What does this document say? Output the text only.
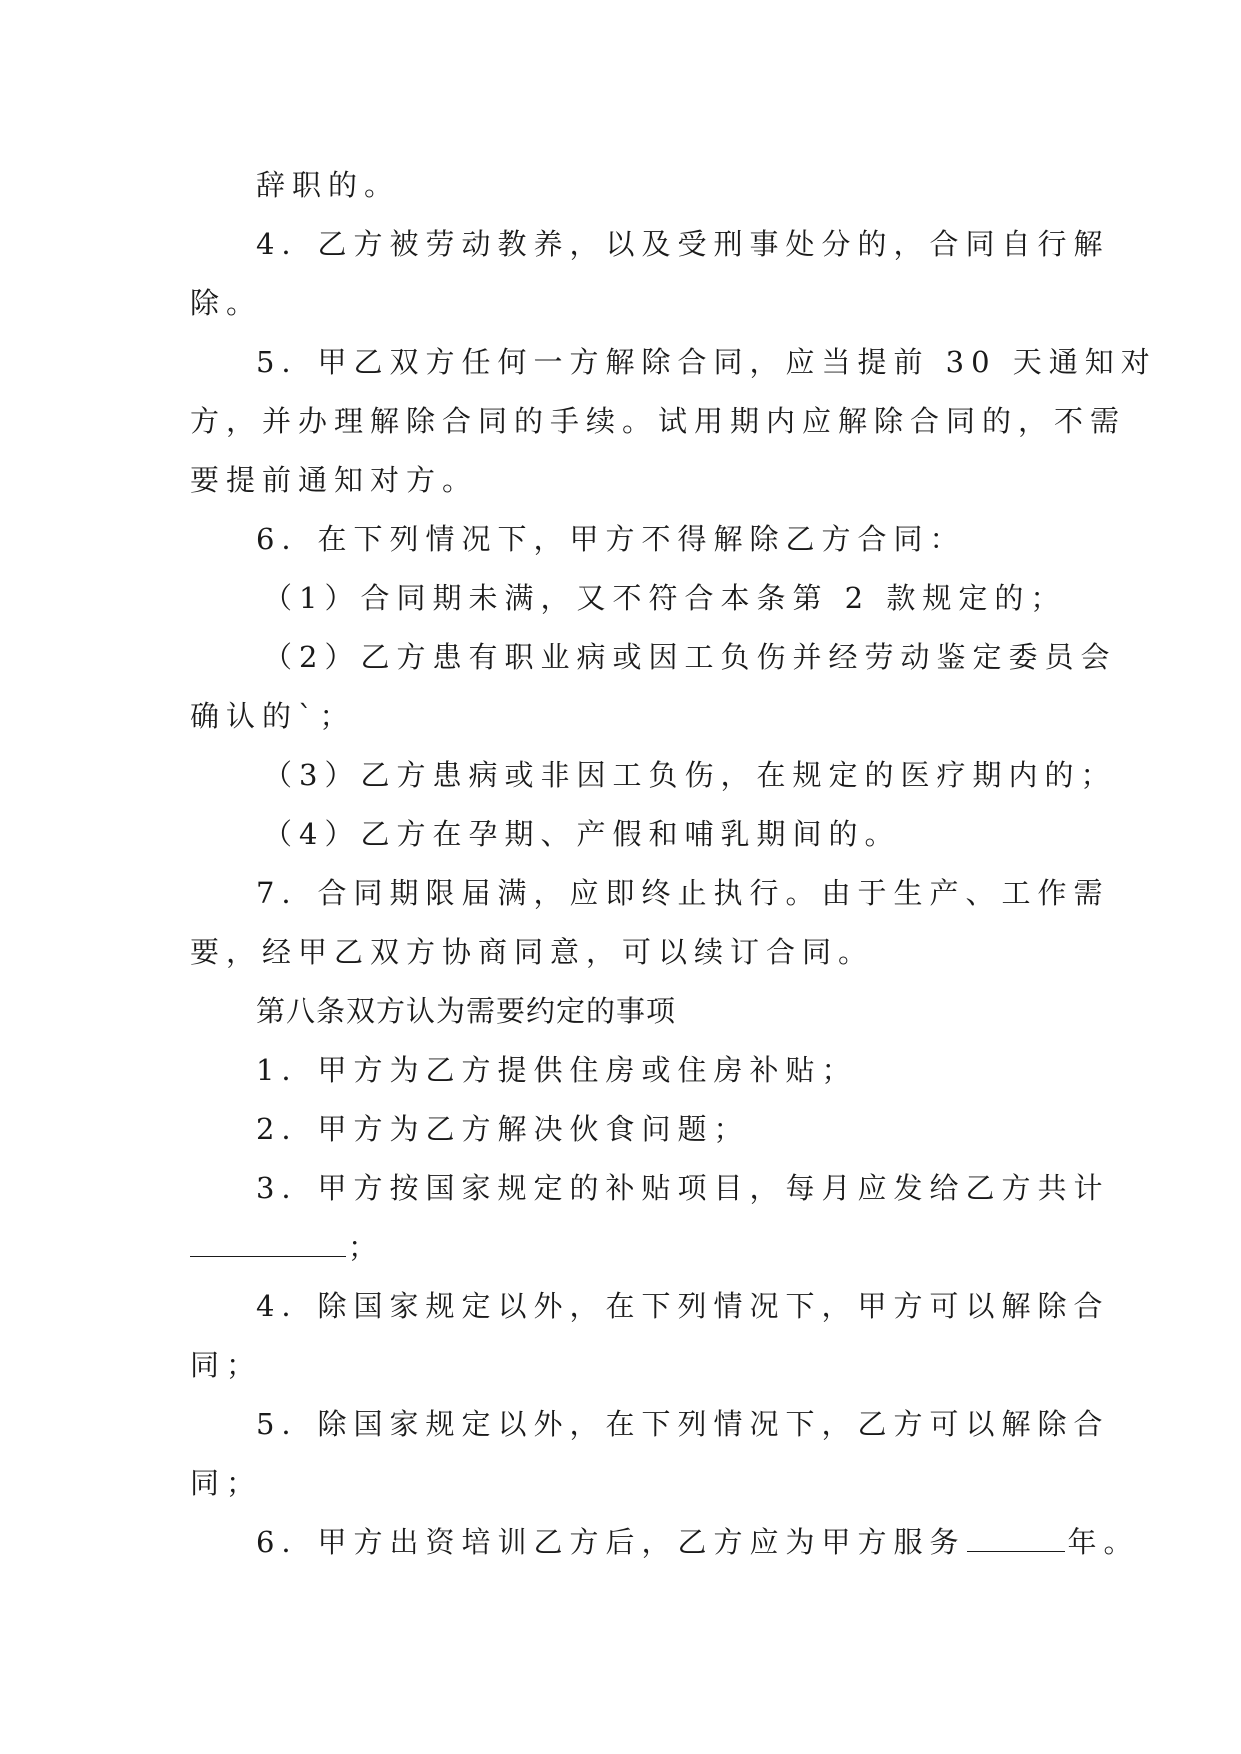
辞职的。
4．乙方被劳动教养，以及受刑事处分的，合同自行解
除。
5．甲乙双方任何一方解除合同，应当提前 30 天通知对
方，并办理解除合同的手续。试用期内应解除合同的，不需
要提前通知对方。
6．在下列情况下，甲方不得解除乙方合同：
（1）合同期未满，又不符合本条第 2 款规定的；
（2）乙方患有职业病或因工负伤并经劳动鉴定委员会
确认的`；
（3）乙方患病或非因工负伤，在规定的医疗期内的；
（4）乙方在孕期、产假和哺乳期间的。
7．合同期限届满，应即终止执行。由于生产、工作需
要，经甲乙双方协商同意，可以续订合同。
第八条双方认为需要约定的事项
1．甲方为乙方提供住房或住房补贴；
2．甲方为乙方解决伙食问题；
3．甲方按国家规定的补贴项目，每月应发给乙方共计
；
4．除国家规定以外，在下列情况下，甲方可以解除合
同；
5．除国家规定以外，在下列情况下，乙方可以解除合
同；
6．甲方出资培训乙方后，乙方应为甲方服务	年。
